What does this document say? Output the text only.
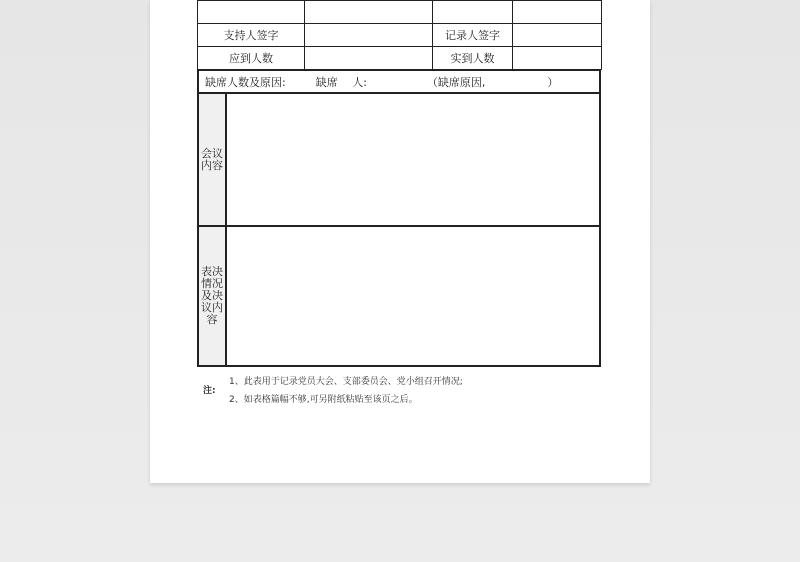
支持人签字		记录人签字	
应到人数		实到人数	
缺席人数及原因:	缺席　 人:	（缺席原因,	）
会议内容
表决情况及决议内容
注:
1、此表用于记录党员大会、支部委员会、党小组召开情况;
2、如表格篇幅不够,可另附纸粘贴至该页之后。
